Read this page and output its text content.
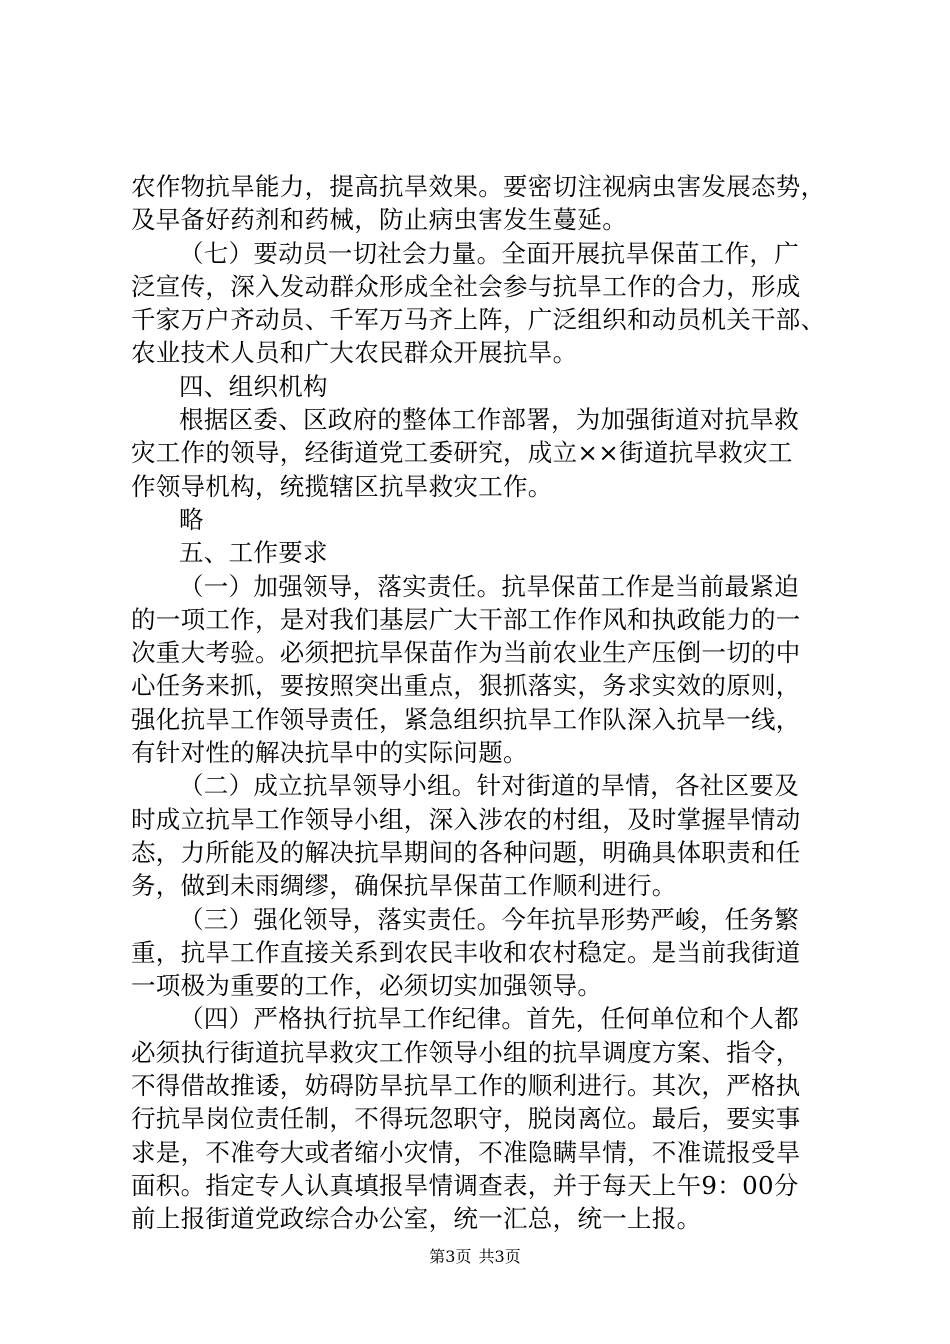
农作物抗旱能力，提高抗旱效果。要密切注视病虫害发展态势，
及早备好药剂和药械，防止病虫害发生蔓延。
（七）要动员一切社会力量。全面开展抗旱保苗工作，广
泛宣传，深入发动群众形成全社会参与抗旱工作的合力，形成
千家万户齐动员、千军万马齐上阵，广泛组织和动员机关干部、
农业技术人员和广大农民群众开展抗旱。
四、组织机构
根据区委、区政府的整体工作部署，为加强街道对抗旱救
灾工作的领导，经街道党工委研究，成立××街道抗旱救灾工
作领导机构，统揽辖区抗旱救灾工作。
略
五、工作要求
（一）加强领导，落实责任。抗旱保苗工作是当前最紧迫
的一项工作，是对我们基层广大干部工作作风和执政能力的一
次重大考验。必须把抗旱保苗作为当前农业生产压倒一切的中
心任务来抓，要按照突出重点，狠抓落实，务求实效的原则，
强化抗旱工作领导责任，紧急组织抗旱工作队深入抗旱一线，
有针对性的解决抗旱中的实际问题。
（二）成立抗旱领导小组。针对街道的旱情，各社区要及
时成立抗旱工作领导小组，深入涉农的村组，及时掌握旱情动
态，力所能及的解决抗旱期间的各种问题，明确具体职责和任
务，做到未雨绸缪，确保抗旱保苗工作顺利进行。
（三）强化领导，落实责任。今年抗旱形势严峻，任务繁
重，抗旱工作直接关系到农民丰收和农村稳定。是当前我街道
一项极为重要的工作，必须切实加强领导。
（四）严格执行抗旱工作纪律。首先，任何单位和个人都
必须执行街道抗旱救灾工作领导小组的抗旱调度方案、指令，
不得借故推诿，妨碍防旱抗旱工作的顺利进行。其次，严格执
行抗旱岗位责任制，不得玩忽职守，脱岗离位。最后，要实事
求是，不准夸大或者缩小灾情，不准隐瞒旱情，不准谎报受旱
面积。指定专人认真填报旱情调查表，并于每天上午9：00分
前上报街道党政综合办公室，统一汇总，统一上报。
第3页 共3页
